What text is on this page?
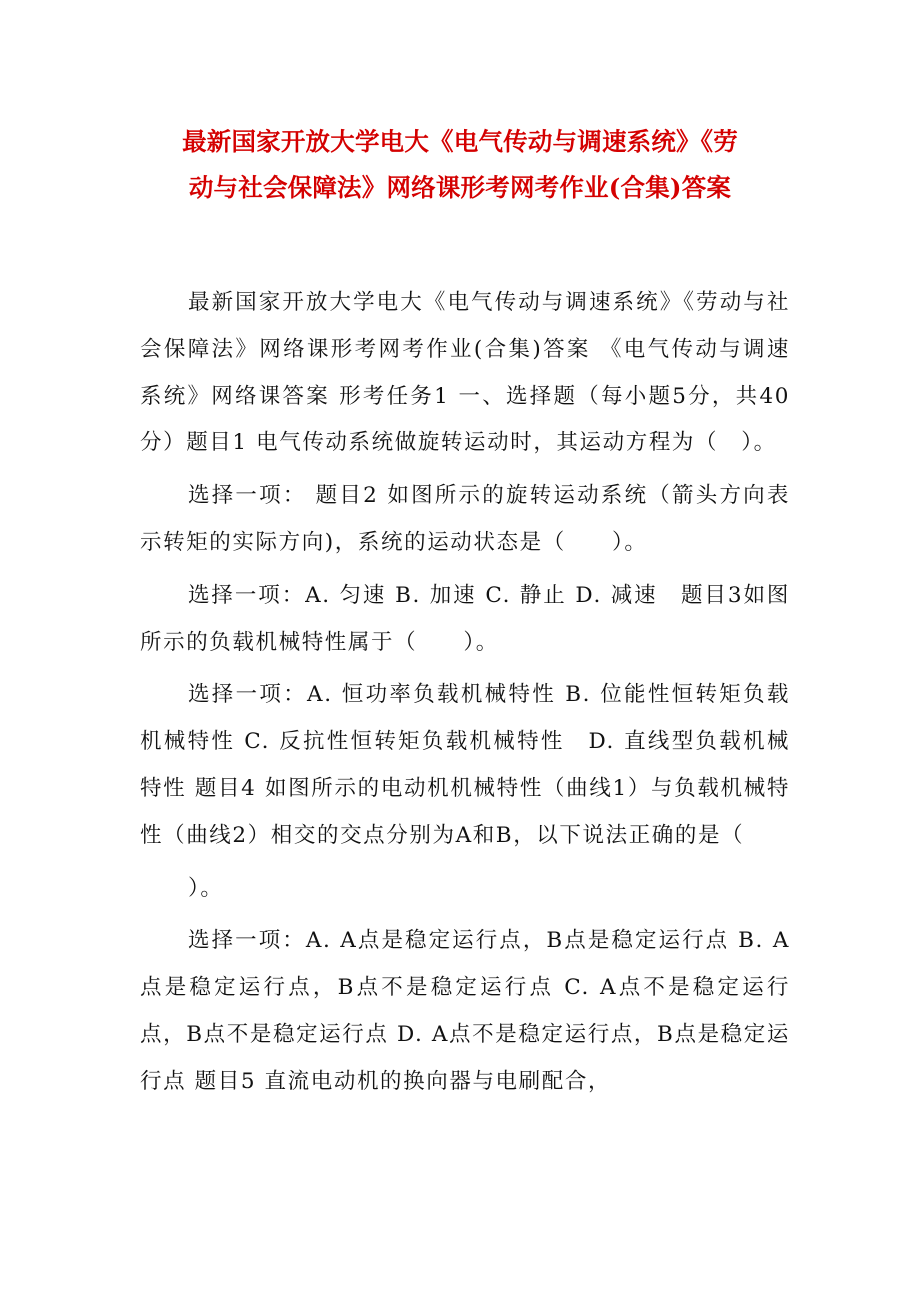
最新国家开放大学电大《电气传动与调速系统》《劳
动与社会保障法》网络课形考网考作业(合集)答案

最新国家开放大学电大《电气传动与调速系统》《劳动与社会保障法》网络课形考网考作业(合集)答案 《电气传动与调速系统》网络课答案 形考任务1 一、选择题（每小题5分，共40分）题目1 电气传动系统做旋转运动时，其运动方程为（　）。

选择一项： 题目2 如图所示的旋转运动系统（箭头方向表示转矩的实际方向)，系统的运动状态是（　　）。

选择一项：A. 匀速 B. 加速 C. 静止 D. 减速　题目3如图所示的负载机械特性属于（　　）。

选择一项：A. 恒功率负载机械特性 B. 位能性恒转矩负载机械特性 C. 反抗性恒转矩负载机械特性　D. 直线型负载机械特性 题目4 如图所示的电动机机械特性（曲线1）与负载机械特性（曲线2）相交的交点分别为A和B，以下说法正确的是（

）。

选择一项：A. A点是稳定运行点，B点是稳定运行点 B. A点是稳定运行点，B点不是稳定运行点 C. A点不是稳定运行点，B点不是稳定运行点 D. A点不是稳定运行点，B点是稳定运行点 题目5 直流电动机的换向器与电刷配合，
